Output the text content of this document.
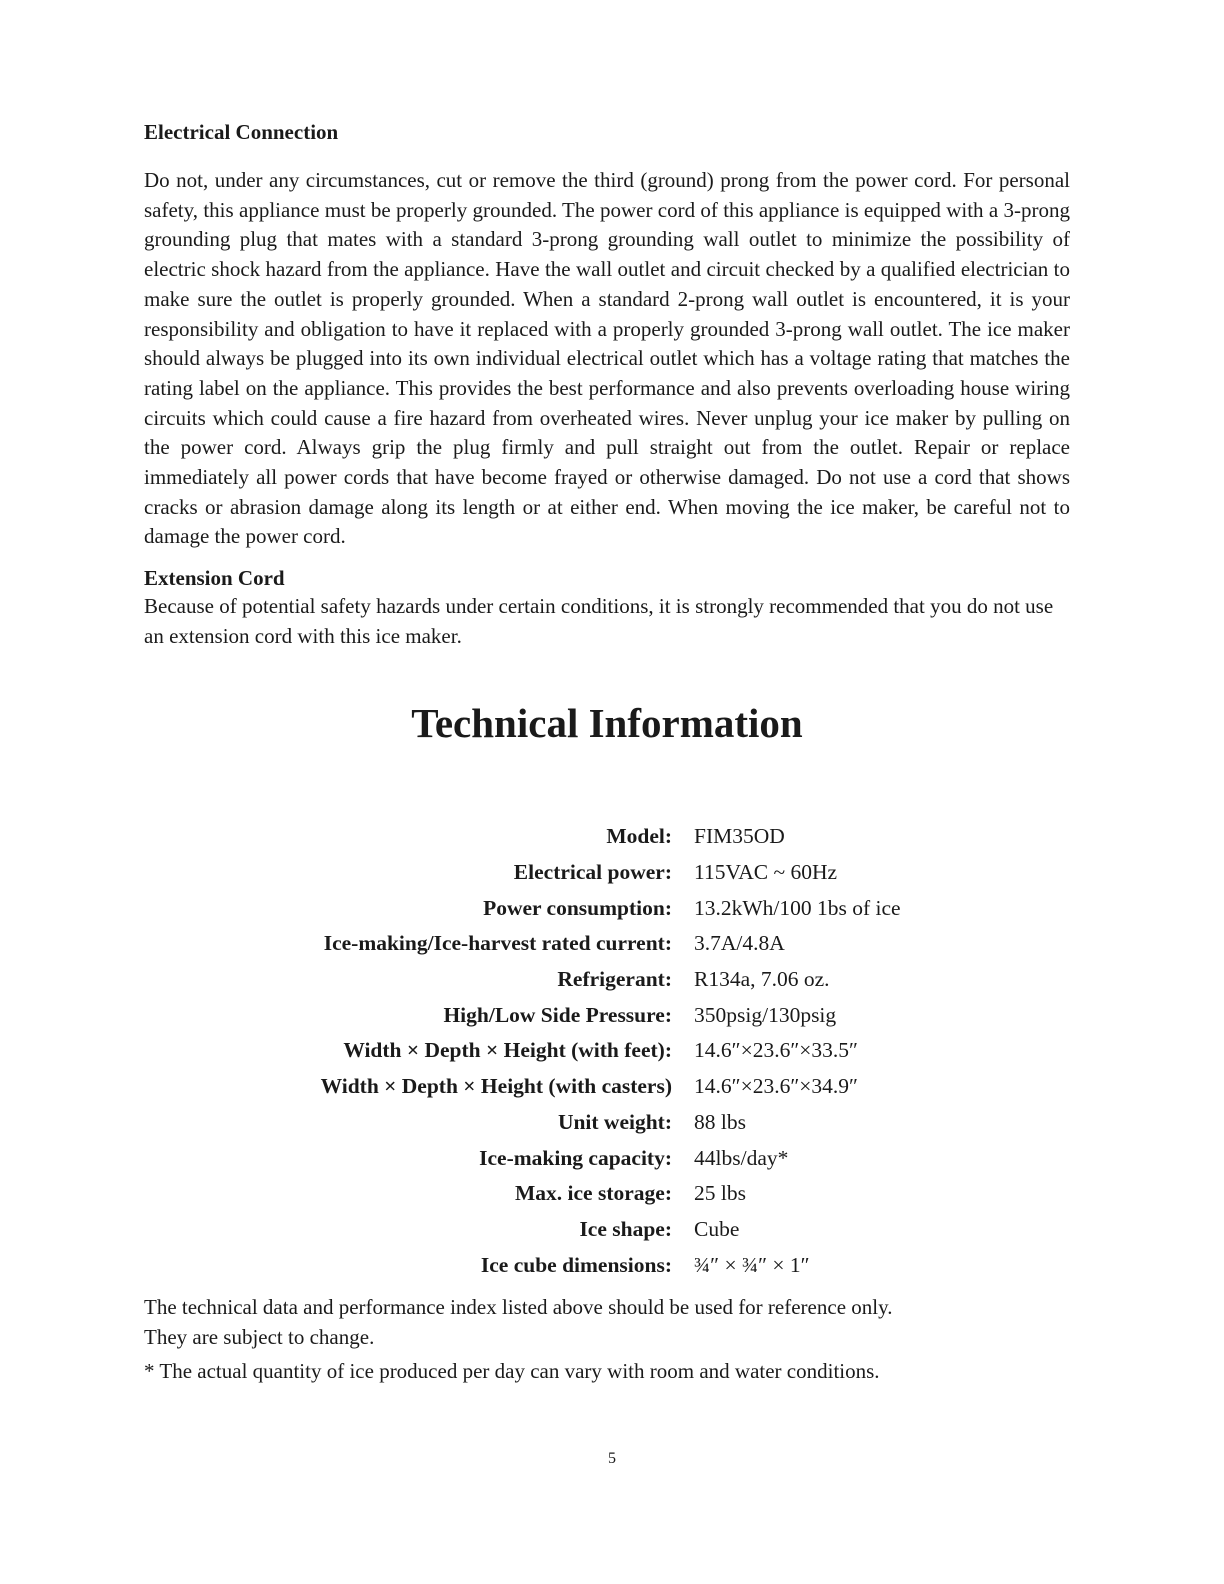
Electrical Connection

Do not, under any circumstances, cut or remove the third (ground) prong from the power cord. For personal safety, this appliance must be properly grounded. The power cord of this appliance is equipped with a 3-prong grounding plug that mates with a standard 3-prong grounding wall outlet to minimize the possibility of electric shock hazard from the appliance. Have the wall outlet and circuit checked by a qualified electrician to make sure the outlet is properly grounded. When a standard 2-prong wall outlet is encountered, it is your responsibility and obligation to have it replaced with a properly grounded 3-prong wall outlet. The ice maker should always be plugged into its own individual electrical outlet which has a voltage rating that matches the rating label on the appliance. This provides the best performance and also prevents overloading house wiring circuits which could cause a fire hazard from overheated wires. Never unplug your ice maker by pulling on the power cord. Always grip the plug firmly and pull straight out from the outlet. Repair or replace immediately all power cords that have become frayed or otherwise damaged. Do not use a cord that shows cracks or abrasion damage along its length or at either end. When moving the ice maker, be careful not to damage the power cord.

Extension Cord

Because of potential safety hazards under certain conditions, it is strongly recommended that you do not use an extension cord with this ice maker.

Technical Information
Model:	FIM35OD
Electrical power:	115VAC ~ 60Hz
Power consumption:	13.2kWh/100 1bs of ice
Ice-making/Ice-harvest rated current:	3.7A/4.8A
Refrigerant:	R134a, 7.06 oz.
High/Low Side Pressure:	350psig/130psig
Width × Depth × Height (with feet):	14.6″×23.6″×33.5″
Width × Depth × Height (with casters)	14.6″×23.6″×34.9″
Unit weight:	88 lbs
Ice-making capacity:	44lbs/day*
Max. ice storage:	25 lbs
Ice shape:	Cube
Ice cube dimensions:	¾″ × ¾″ × 1″

The technical data and performance index listed above should be used for reference only.

They are subject to change.

* The actual quantity of ice produced per day can vary with room and water conditions.

5
